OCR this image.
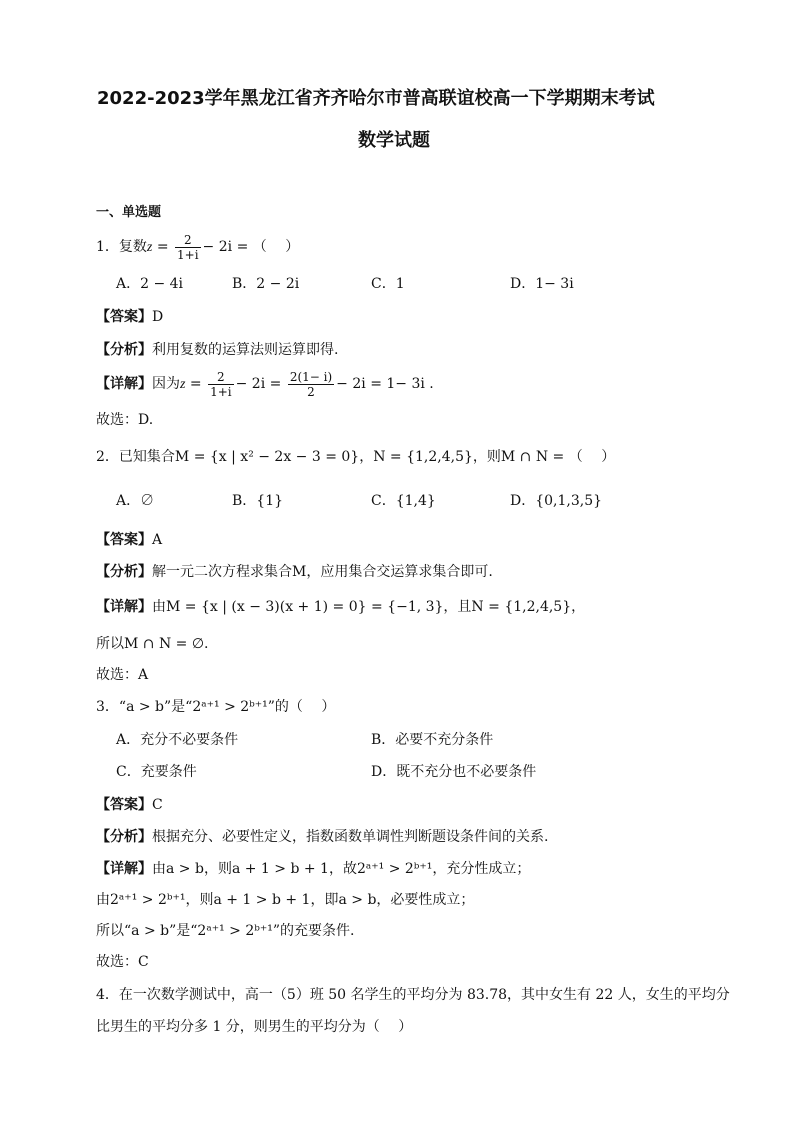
2022-2023学年黑龙江省齐齐哈尔市普高联谊校高一下学期期末考试
数学试题
一、单选题
1．复数$z = \frac{2}{1+i} - 2i$ = （　 ）
A．2 − 4i	B．2 − 2i	C．1	D．1− 3i
【答案】D
【分析】利用复数的运算法则运算即得.
【详解】因为$z = \frac{2}{1+i} - 2i = \frac{2(1- i)}{2} - 2i = 1- 3i$ .
故选：D.
2．已知集合M = {x | x² − 2x − 3 = 0}，N = {1,2,4,5}，则M ∩ N = （　 ）
A．∅	B．{1}	C．{1,4}	D．{0,1,3,5}
【答案】A
【分析】解一元二次方程求集合M，应用集合交运算求集合即可.
【详解】由M = {x | (x − 3)(x + 1) = 0} = {−1, 3}，且N = {1,2,4,5}，
所以M ∩ N = ∅.
故选：A
3．“a > b”是“2ᵃ⁺¹ > 2ᵇ⁺¹”的（　 ）
A．充分不必要条件	B．必要不充分条件
C．充要条件	D．既不充分也不必要条件
【答案】C
【分析】根据充分、必要性定义，指数函数单调性判断题设条件间的关系.
【详解】由a > b，则a + 1 > b + 1，故2ᵃ⁺¹ > 2ᵇ⁺¹，充分性成立；
由2ᵃ⁺¹ > 2ᵇ⁺¹，则a + 1 > b + 1，即a > b，必要性成立；
所以“a > b”是“2ᵃ⁺¹ > 2ᵇ⁺¹”的充要条件.
故选：C
4．在一次数学测试中，高一（5）班 50 名学生的平均分为 83.78，其中女生有 22 人，女生的平均分
比男生的平均分多 1 分，则男生的平均分为（　 ）
